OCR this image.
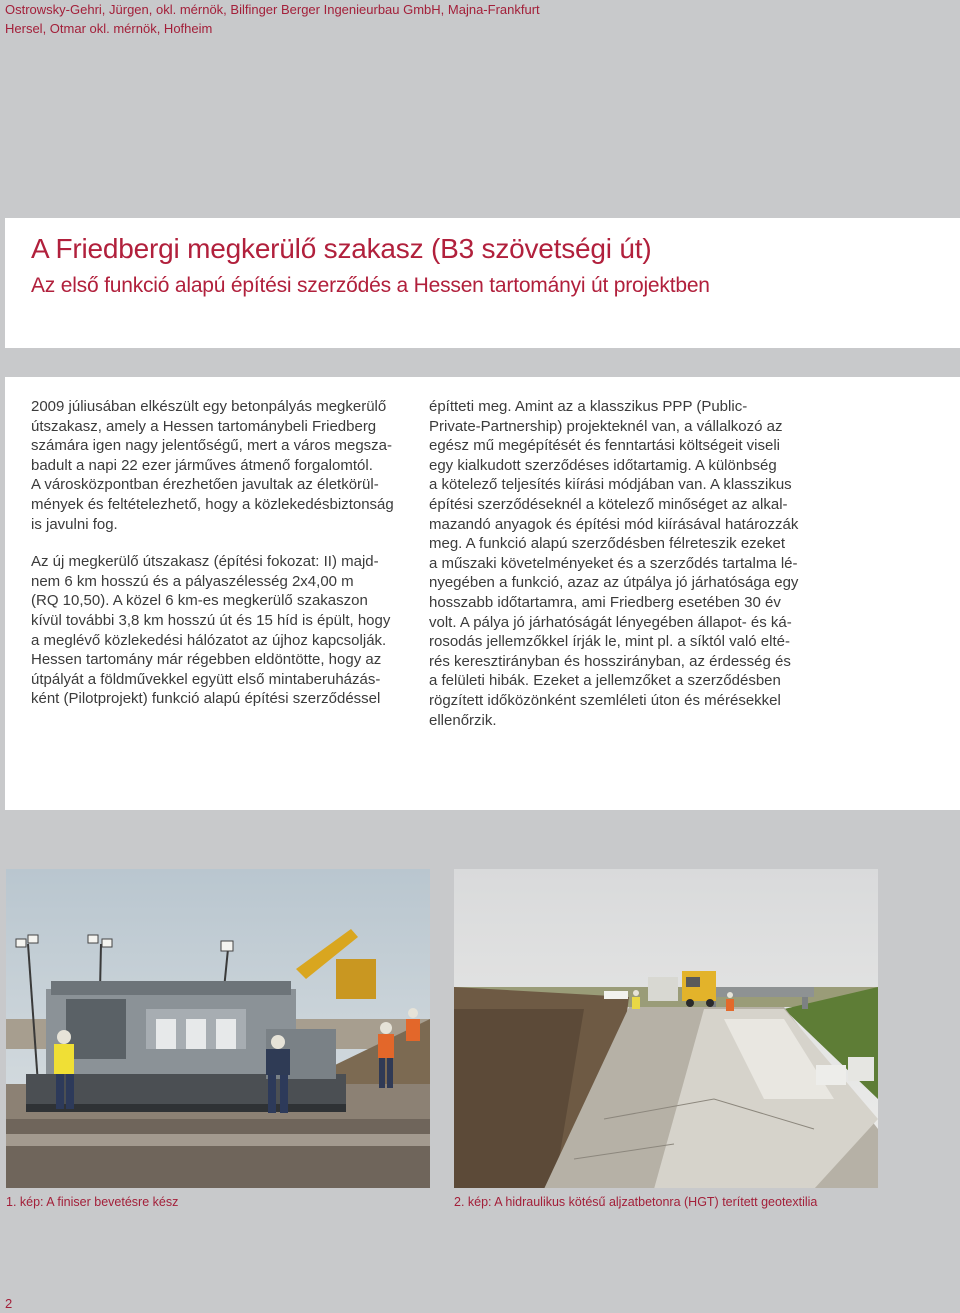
Ostrowsky-Gehri, Jürgen, okl. mérnök, Bilfinger Berger Ingenieurbau GmbH, Majna-Frankfurt
Hersel, Otmar okl. mérnök, Hofheim
A Friedbergi megkerülő szakasz (B3 szövetségi út)
Az első funkció alapú építési szerződés a Hessen tartományi út projektben
2009 júliusában elkészült egy betonpályás megkerülő
útszakasz, amely a Hessen tartománybeli Friedberg
számára igen nagy jelentőségű, mert a város megsza-
badult a napi 22 ezer járműves átmenő forgalomtól.
A városközpontban érezhetően javultak az életkörül-
mények és feltételezhető, hogy a közlekedésbiztonság
is javulni fog.
Az új megkerülő útszakasz (építési fokozat: II) majd-
nem 6 km hosszú és a pályaszélesség 2x4,00 m
(RQ 10,50). A közel 6 km-es megkerülő szakaszon
kívül további 3,8 km hosszú út és 15 híd is épült, hogy
a meglévő közlekedési hálózatot az újhoz kapcsolják.
Hessen tartomány már régebben eldöntötte, hogy az
útpályát a földművekkel együtt első mintaberuházás-
ként (Pilotprojekt) funkció alapú építési szerződéssel
építteti meg. Amint az a klasszikus PPP (Public-
Private-Partnership) projekteknél van, a vállalkozó az
egész mű megépítését és fenntartási költségeit viseli
egy kialkudott szerződéses időtartamig. A különbség
a kötelező teljesítés kiírási módjában van. A klasszikus
építési szerződéseknél a kötelező minőséget az alkal-
mazandó anyagok és építési mód kiírásával határozzák
meg. A funkció alapú szerződésben félreteszik ezeket
a műszaki követelményeket és a szerződés tartalma lé-
nyegében a funkció, azaz az útpálya jó járhatósága egy
hosszabb időtartamra, ami Friedberg esetében 30 év
volt. A pálya jó járhatóságát lényegében állapot- és ká-
rosodás jellemzőkkel írják le, mint pl. a síktól való elté-
rés keresztirányban és hosszirányban, az érdesség és
a felületi hibák. Ezeket a jellemzőket a szerződésben
rögzített időközönként szemléleti úton és mérésekkel
ellenőrzik.
1. kép: A finiser bevetésre kész	2. kép: A hidraulikus kötésű aljzatbetonra (HGT) terített geotextilia
2
